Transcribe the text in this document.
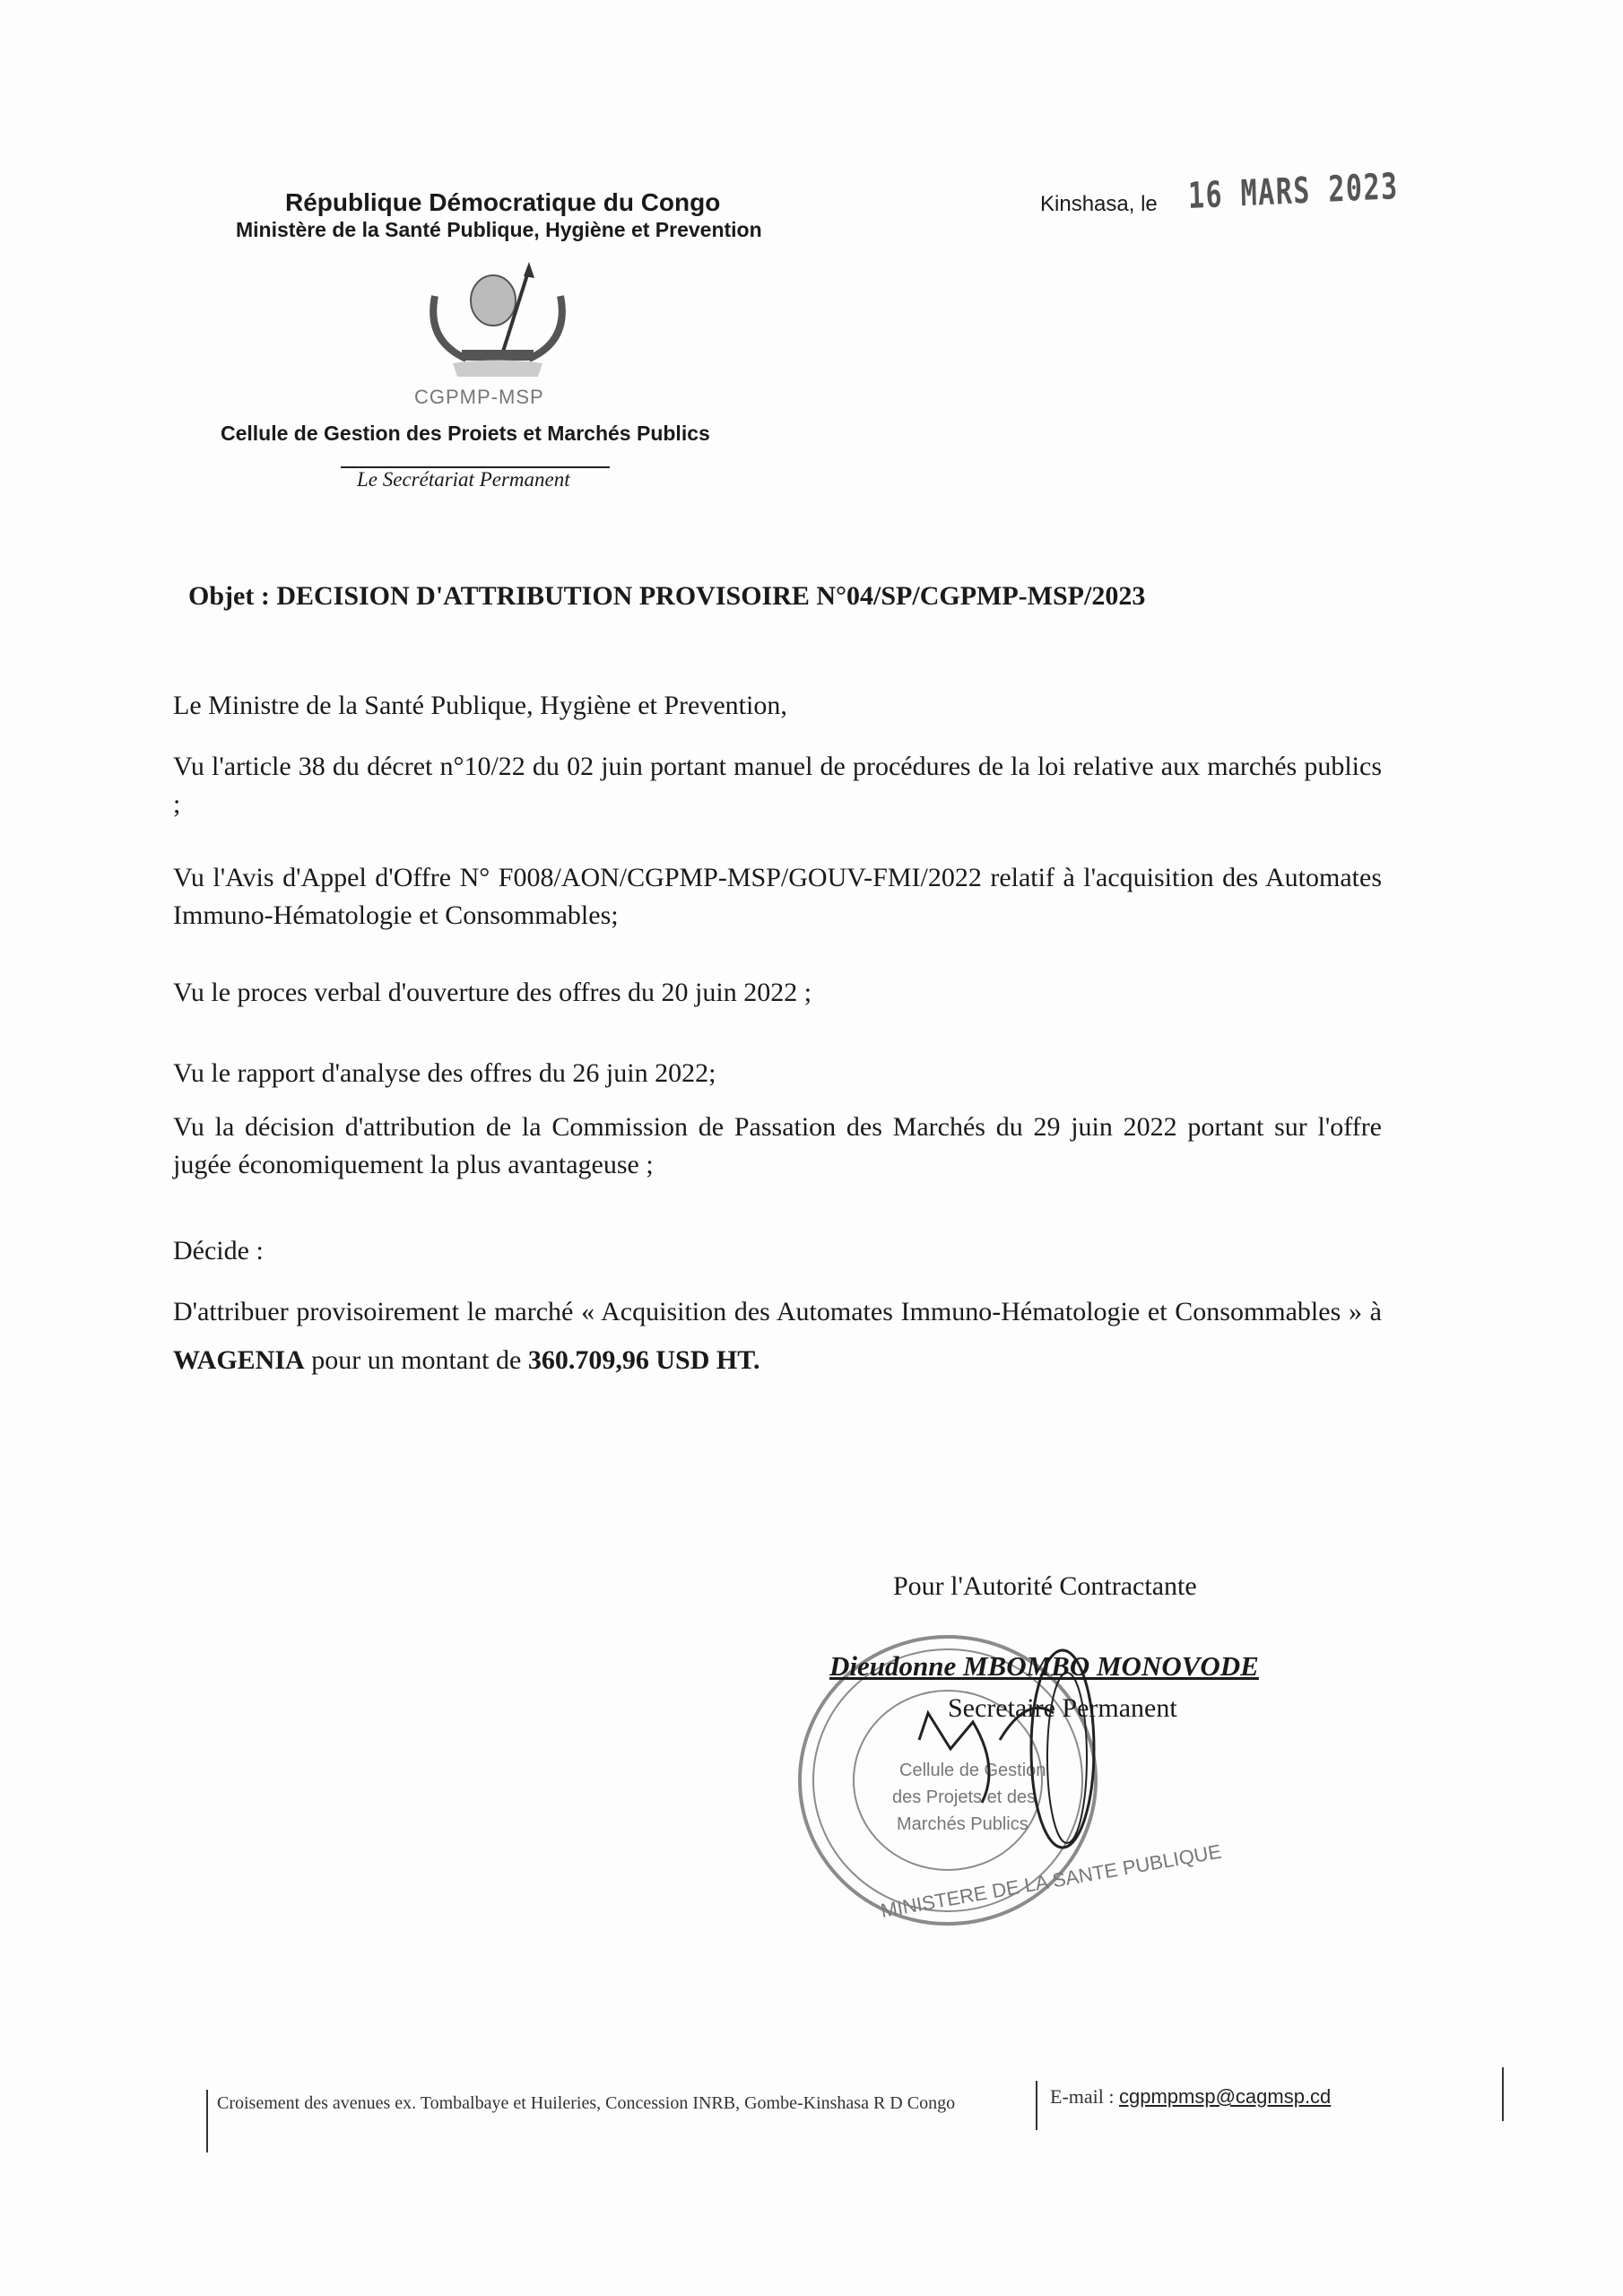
République Démocratique du Congo
Ministère de la Santé Publique, Hygiène et Prevention
Kinshasa, le 16 MARS 2023
CGPMP-MSP
Cellule de Gestion des Proiets et Marchés Publics
Le Secrétariat Permanent
Objet : DECISION D'ATTRIBUTION PROVISOIRE N°04/SP/CGPMP-MSP/2023
Le Ministre de la Santé Publique, Hygiène et Prevention,
Vu l'article 38 du décret n°10/22 du 02 juin portant manuel de procédures de la loi relative aux marchés publics ;
Vu l'Avis d'Appel d'Offre N° F008/AON/CGPMP-MSP/GOUV-FMI/2022 relatif à l'acquisition des Automates Immuno-Hématologie et Consommables;
Vu le proces verbal d'ouverture des offres du 20 juin 2022 ;
Vu le rapport d'analyse des offres du 26 juin 2022;
Vu la décision d'attribution de la Commission de Passation des Marchés du 29 juin 2022 portant sur l'offre jugée économiquement la plus avantageuse ;
Décide :
D'attribuer provisoirement le marché « Acquisition des Automates Immuno-Hématologie et Consommables » à WAGENIA pour un montant de 360.709,96 USD HT.
Pour l'Autorité Contractante
Cellule de Gestion
des Projets et des
Marchés Publics
MINISTERE DE LA SANTE PUBLIQUE
Dieudonne MBOMBO MONOVODE
Secretaire Permanent
Croisement des avenues ex. Tombalbaye et Huileries, Concession INRB, Gombe-Kinshasa R D Congo	E-mail : cgpmpmsp@cagmsp.cd
